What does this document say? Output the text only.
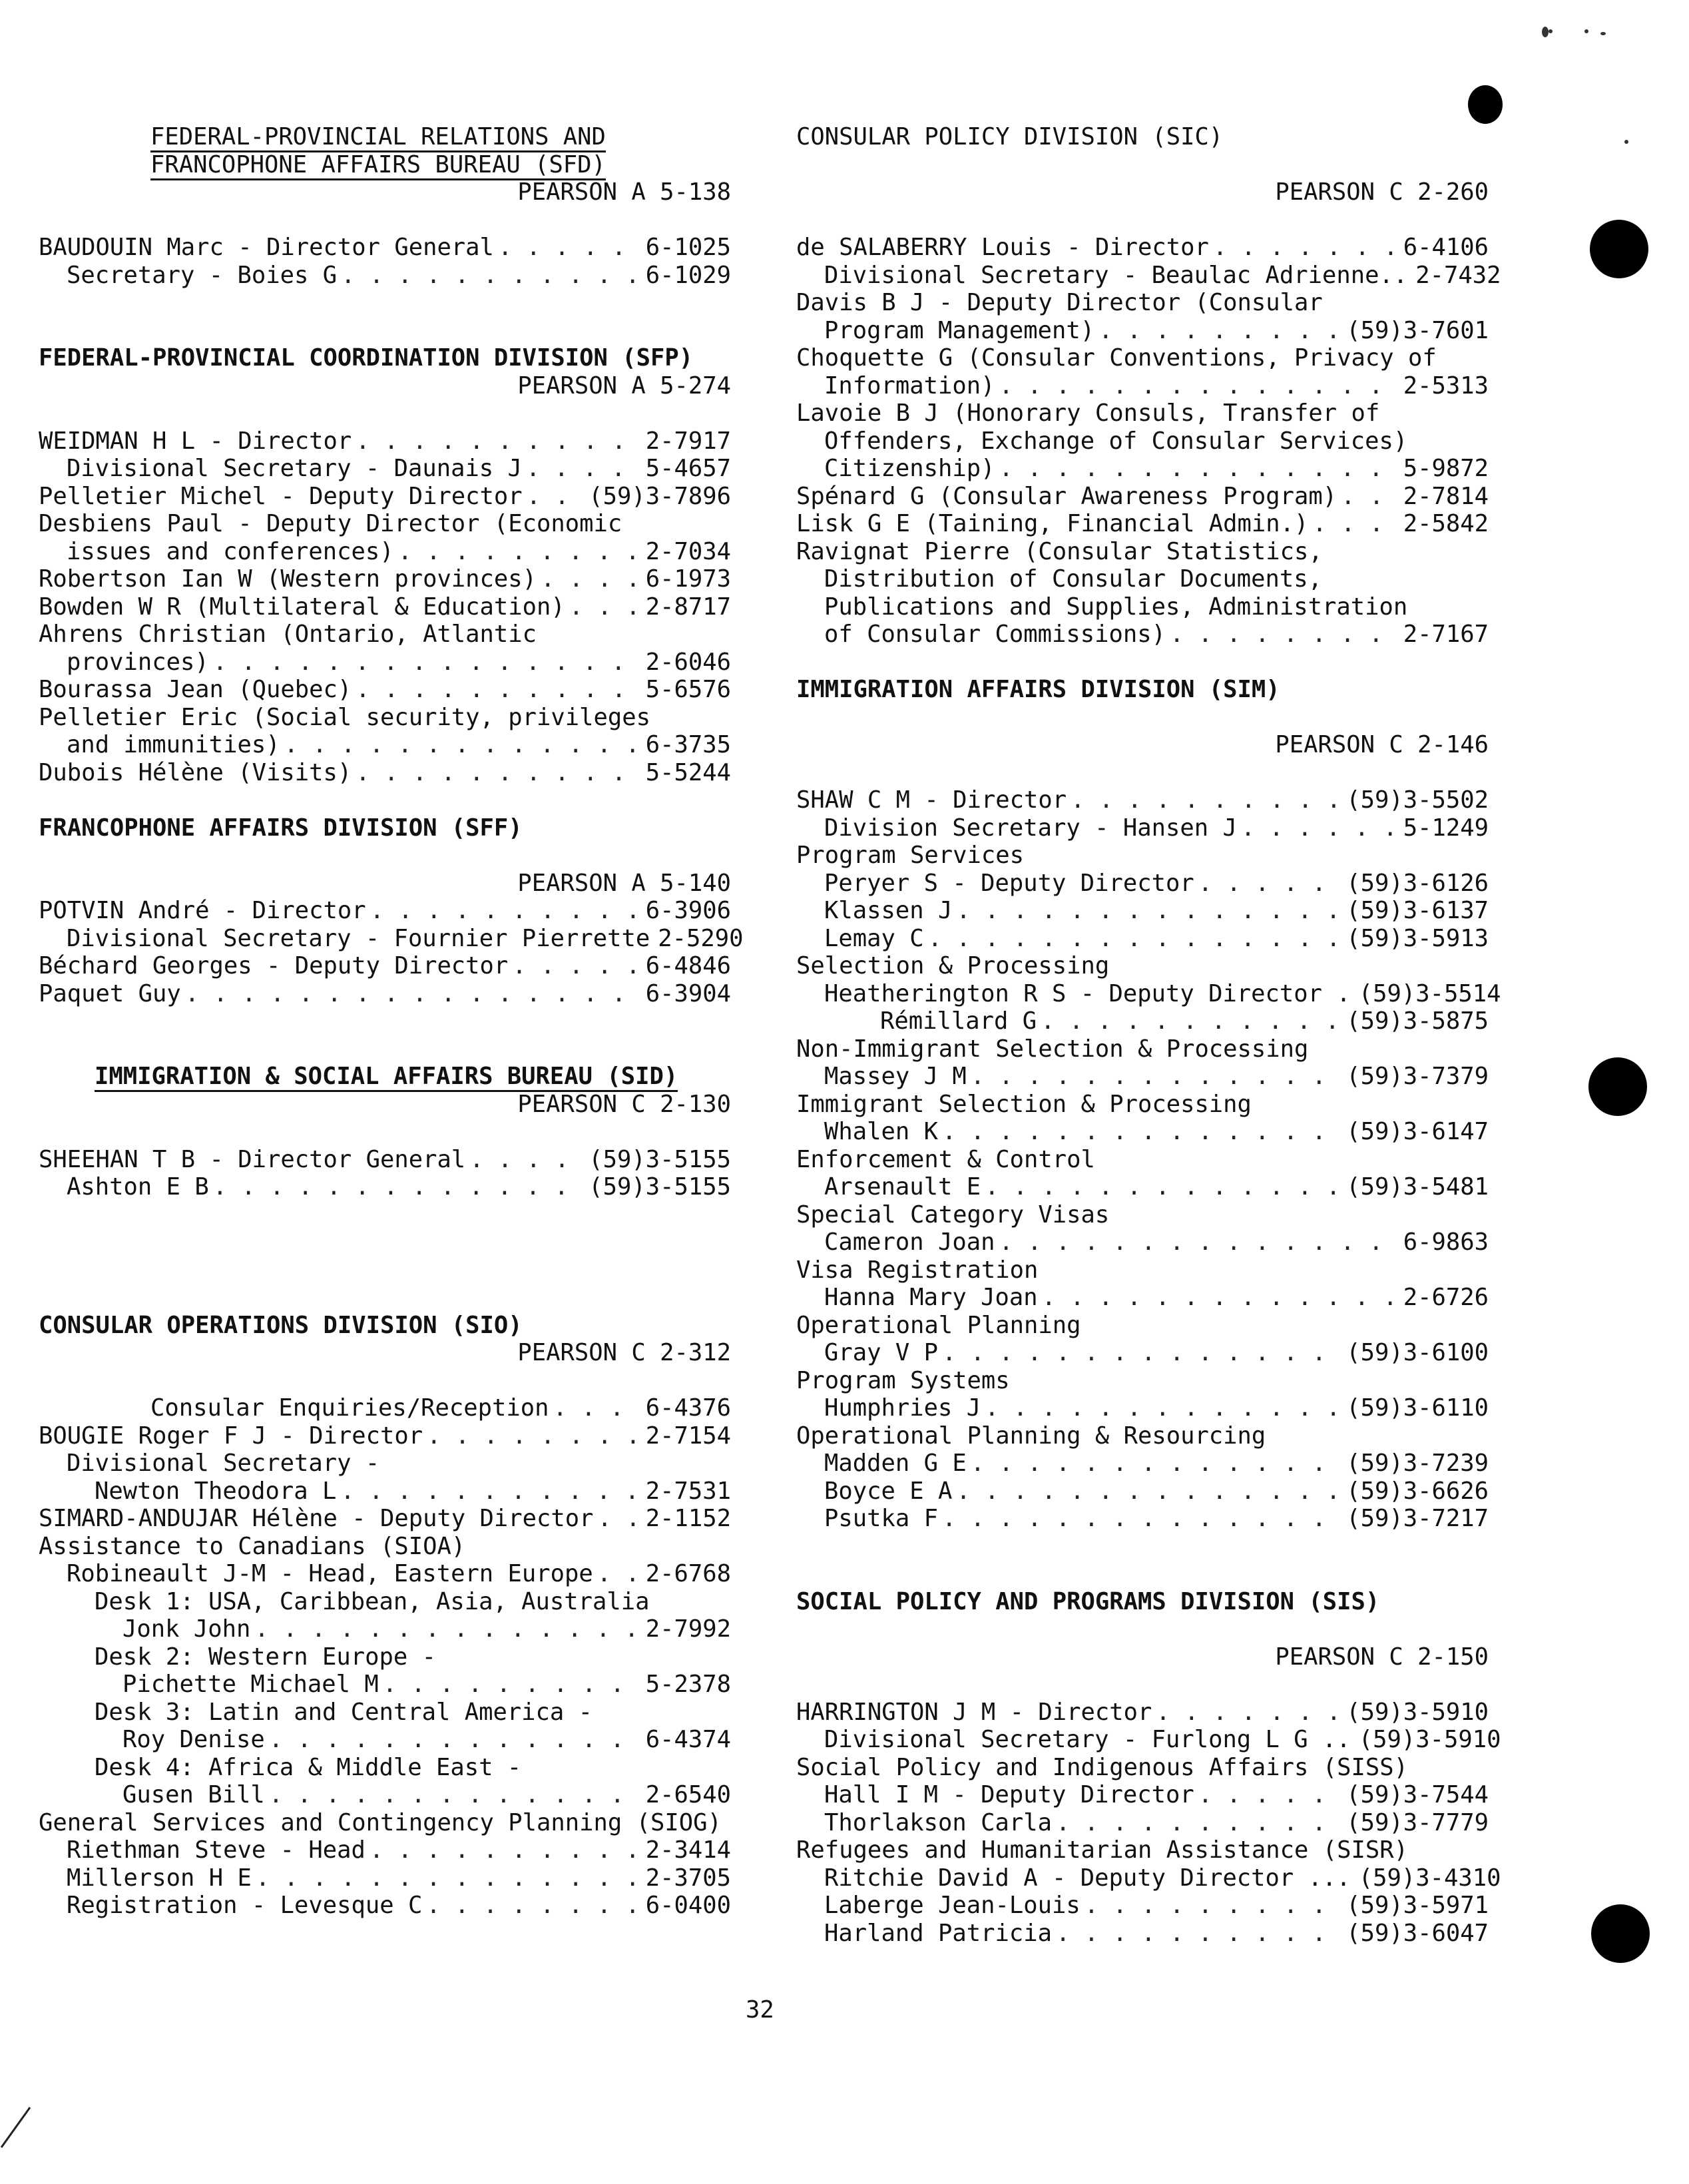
FEDERAL-PROVINCIAL RELATIONS AND
FRANCOPHONE AFFAIRS BUREAU (SFD)
PEARSON A 5-138
BAUDOUIN Marc - Director General . . .	6-1025
Secretary - Boies G . . .	6-1029
FEDERAL-PROVINCIAL COORDINATION DIVISION (SFP)
PEARSON A 5-274
WEIDMAN H L - Director . . .	2-7917
Divisional Secretary - Daunais J . . .	5-4657
Pelletier Michel - Deputy Director . . .	(59)3-7896
Desbiens Paul - Deputy Director (Economic
issues and conferences) . . .	2-7034
Robertson Ian W (Western provinces) . . .	6-1973
Bowden W R (Multilateral & Education) . . .	2-8717
Ahrens Christian (Ontario, Atlantic
provinces) . . .	2-6046
Bourassa Jean (Quebec) . . .	5-6576
Pelletier Eric (Social security, privileges
and immunities) . . .	6-3735
Dubois Hélène (Visits) . . .	5-5244
FRANCOPHONE AFFAIRS DIVISION (SFF)
PEARSON A 5-140
POTVIN André - Director . . .	6-3906
Divisional Secretary - Fournier Pierrette 2-5290
Béchard Georges - Deputy Director . . .	6-4846
Paquet Guy . . .	6-3904
IMMIGRATION & SOCIAL AFFAIRS BUREAU (SID)
PEARSON C 2-130
SHEEHAN T B - Director General . . .	(59)3-5155
Ashton E B . . .	(59)3-5155
CONSULAR OPERATIONS DIVISION (SIO)
PEARSON C 2-312
Consular Enquiries/Reception . . .	6-4376
BOUGIE Roger F J - Director . . .	2-7154
Divisional Secretary -
Newton Theodora L . . .	2-7531
SIMARD-ANDUJAR Hélène - Deputy Director . . . 2-1152
Assistance to Canadians (SIOA)
Robineault J-M - Head, Eastern Europe . . . 2-6768
Desk 1: USA, Caribbean, Asia, Australia
Jonk John . . .	2-7992
Desk 2: Western Europe -
Pichette Michael M . . .	5-2378
Desk 3: Latin and Central America -
Roy Denise . . .	6-4374
Desk 4: Africa & Middle East -
Gusen Bill . . .	2-6540
General Services and Contingency Planning (SIOG)
Riethman Steve - Head . . .	2-3414
Millerson H E . . .	2-3705
Registration - Levesque C . . .	6-0400
CONSULAR POLICY DIVISION (SIC)
PEARSON C 2-260
de SALABERRY Louis - Director . . .	6-4106
Divisional Secretary - Beaulac Adrienne.. 2-7432
Davis B J - Deputy Director (Consular
Program Management) . . .	(59)3-7601
Choquette G (Consular Conventions, Privacy of
Information) . . .	2-5313
Lavoie B J (Honorary Consuls, Transfer of
Offenders, Exchange of Consular Services)
Citizenship) . . .	5-9872
Spénard G (Consular Awareness Program) . . .	2-7814
Lisk G E (Taining, Financial Admin.) . . .	2-5842
Ravignat Pierre (Consular Statistics,
Distribution of Consular Documents,
Publications and Supplies, Administration
of Consular Commissions) . . .	2-7167
IMMIGRATION AFFAIRS DIVISION (SIM)
PEARSON C 2-146
SHAW C M - Director . . .	(59)3-5502
Division Secretary - Hansen J . . .	5-1249
Program Services
Peryer S - Deputy Director . . .	(59)3-6126
Klassen J . . .	(59)3-6137
Lemay C . . .	(59)3-5913
Selection & Processing
Heatherington R S - Deputy Director . (59)3-5514
Rémillard G . . .	(59)3-5875
Non-Immigrant Selection & Processing
Massey J M . . .	(59)3-7379
Immigrant Selection & Processing
Whalen K . . .	(59)3-6147
Enforcement & Control
Arsenault E . . .	(59)3-5481
Special Category Visas
Cameron Joan . . .	6-9863
Visa Registration
Hanna Mary Joan . . .	2-6726
Operational Planning
Gray V P . . .	(59)3-6100
Program Systems
Humphries J . . .	(59)3-6110
Operational Planning & Resourcing
Madden G E . . .	(59)3-7239
Boyce E A . . .	(59)3-6626
Psutka F . . .	(59)3-7217
SOCIAL POLICY AND PROGRAMS DIVISION (SIS)
PEARSON C 2-150
HARRINGTON J M - Director . . .	(59)3-5910
Divisional Secretary - Furlong L G .. (59)3-5910
Social Policy and Indigenous Affairs (SISS)
Hall I M - Deputy Director . . .	(59)3-7544
Thorlakson Carla . . .	(59)3-7779
Refugees and Humanitarian Assistance (SISR)
Ritchie David A - Deputy Director ... (59)3-4310
Laberge Jean-Louis . . .	(59)3-5971
Harland Patricia . . .	(59)3-6047
32
